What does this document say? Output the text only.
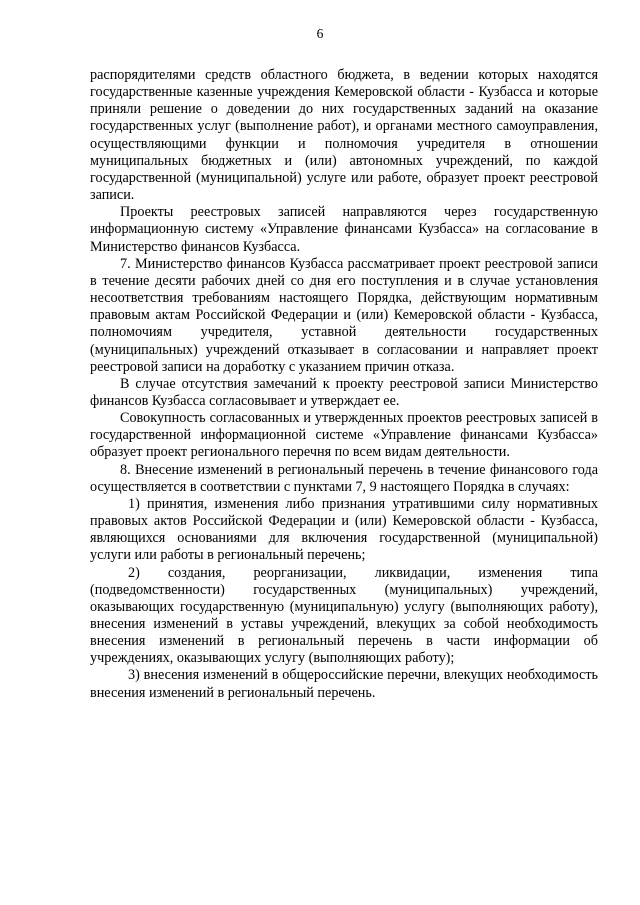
6

распорядителями средств областного бюджета, в ведении которых находятся государственные казенные учреждения Кемеровской области - Кузбасса и которые приняли решение о доведении до них государственных заданий на оказание государственных услуг (выполнение работ), и органами местного самоуправления, осуществляющими функции и полномочия учредителя в отношении муниципальных бюджетных и (или) автономных учреждений, по каждой государственной (муниципальной) услуге или работе, образует проект реестровой записи.

Проекты реестровых записей направляются через государственную информационную систему «Управление финансами Кузбасса» на согласование в Министерство финансов Кузбасса.

7. Министерство финансов Кузбасса рассматривает проект реестровой записи в течение десяти рабочих дней со дня его поступления и в случае установления несоответствия требованиям настоящего Порядка, действующим нормативным правовым актам Российской Федерации и (или) Кемеровской области - Кузбасса, полномочиям учредителя, уставной деятельности государственных (муниципальных) учреждений отказывает в согласовании и направляет проект реестровой записи на доработку с указанием причин отказа.

В случае отсутствия замечаний к проекту реестровой записи Министерство финансов Кузбасса согласовывает и утверждает ее.

Совокупность согласованных и утвержденных проектов реестровых записей в государственной информационной системе «Управление финансами Кузбасса» образует проект регионального перечня по всем видам деятельности.

8. Внесение изменений в региональный перечень в течение финансового года осуществляется в соответствии с пунктами 7, 9 настоящего Порядка в случаях:

1) принятия, изменения либо признания утратившими силу нормативных правовых актов Российской Федерации и (или) Кемеровской области - Кузбасса, являющихся основаниями для включения государственной (муниципальной) услуги или работы в региональный перечень;

2) создания, реорганизации, ликвидации, изменения типа (подведомственности) государственных (муниципальных) учреждений, оказывающих государственную (муниципальную) услугу (выполняющих работу), внесения изменений в уставы учреждений, влекущих за собой необходимость внесения изменений в региональный перечень в части информации об учреждениях, оказывающих услугу (выполняющих работу);

3) внесения изменений в общероссийские перечни, влекущих необходимость внесения изменений в региональный перечень.
